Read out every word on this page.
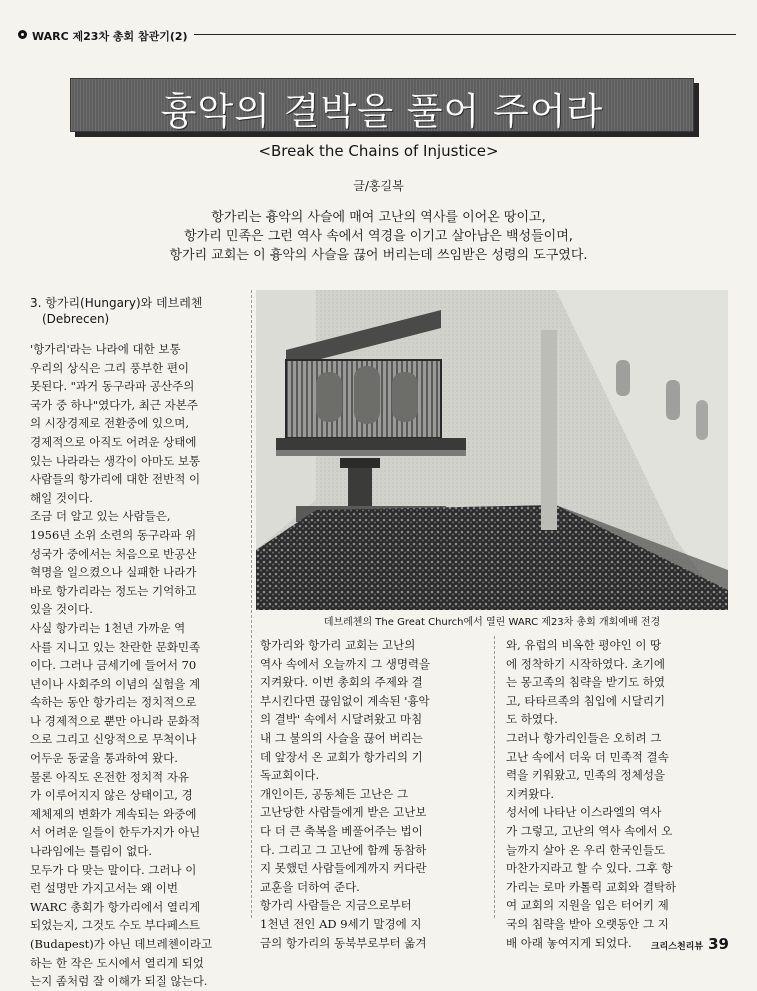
WARC 제23차 총회 참관기(2)
흉악의 결박을 풀어 주어라
<Break the Chains of Injustice>
글/홍길복
항가리는 흉악의 사슬에 매여 고난의 역사를 이어온 땅이고,
항가리 민족은 그런 역사 속에서 역경을 이기고 살아남은 백성들이며,
항가리 교회는 이 흉악의 사슬을 끊어 버리는데 쓰임받은 성령의 도구였다.
3. 항가리(Hungary)와 데브레첸
(Debrecen)
'항가리'라는 나라에 대한 보통
우리의 상식은 그리 풍부한 편이
못된다. "과거 동구라파 공산주의
국가 중 하나"였다가, 최근 자본주
의 시장경제로 전환중에 있으며,
경제적으로 아직도 어려운 상태에
있는 나라라는 생각이 아마도 보통
사람들의 항가리에 대한 전반적 이
해일 것이다.
조금 더 알고 있는 사람들은,
1956년 소위 소련의 동구라파 위
성국가 중에서는 처음으로 반공산
혁명을 일으켰으나 실패한 나라가
바로 항가리라는 정도는 기억하고
있을 것이다.
사실 항가리는 1천년 가까운 역
사를 지니고 있는 찬란한 문화민족
이다. 그러나 금세기에 들어서 70
년이나 사회주의 이념의 실험을 계
속하는 동안 항가리는 정치적으로
나 경제적으로 뿐만 아니라 문화적
으로 그리고 신앙적으로 무척이나
어두운 동굴을 통과하여 왔다.
물론 아직도 온전한 정치적 자유
가 이루어지지 않은 상태이고, 경
제체제의 변화가 계속되는 와중에
서 어려운 일들이 한두가지가 아닌
나라임에는 틀림이 없다.
모두가 다 맞는 말이다. 그러나 이
런 설명만 가지고서는 왜 이번
WARC 총회가 항가리에서 열리게
되었는지, 그것도 수도 부다페스트
(Budapest)가 아닌 데브레첸이라고
하는 한 작은 도시에서 열리게 되었
는지 좀처럼 잘 이해가 되질 않는다.
데브레첸의 The Great Church에서 열린 WARC 제23차 총회 개회예배 전경
항가리와 항가리 교회는 고난의
역사 속에서 오늘까지 그 생명력을
지켜왔다. 이번 총회의 주제와 결
부시킨다면 끊임없이 계속된 '흉악
의 결박' 속에서 시달려왔고 마침
내 그 불의의 사슬을 끊어 버리는
데 앞장서 온 교회가 항가리의 기
독교회이다.
개인이든, 공동체든 고난은 그
고난당한 사람들에게 받은 고난보
다 더 큰 축복을 베풀어주는 법이
다. 그리고 그 고난에 함께 동참하
지 못했던 사람들에게까지 커다란
교훈을 더하여 준다.
항가리 사람들은 지금으로부터
1천년 전인 AD 9세기 말경에 지
금의 항가리의 동북부로부터 옮겨
와, 유럽의 비옥한 평야인 이 땅
에 정착하기 시작하였다. 초기에
는 몽고족의 침략을 받기도 하였
고, 타타르족의 침입에 시달리기
도 하였다.
그러나 항가리인들은 오히려 그
고난 속에서 더욱 더 민족적 결속
력을 키워왔고, 민족의 정체성을
지켜왔다.
성서에 나타난 이스라엘의 역사
가 그렇고, 고난의 역사 속에서 오
늘까지 살아 온 우리 한국인들도
마찬가지라고 할 수 있다. 그후 항
가리는 로마 카톨릭 교회와 결탁하
여 교회의 지원을 입은 터어키 제
국의 침략을 받아 오랫동안 그 지
배 아래 놓여지게 되었다.	크리스천리뷰 39
